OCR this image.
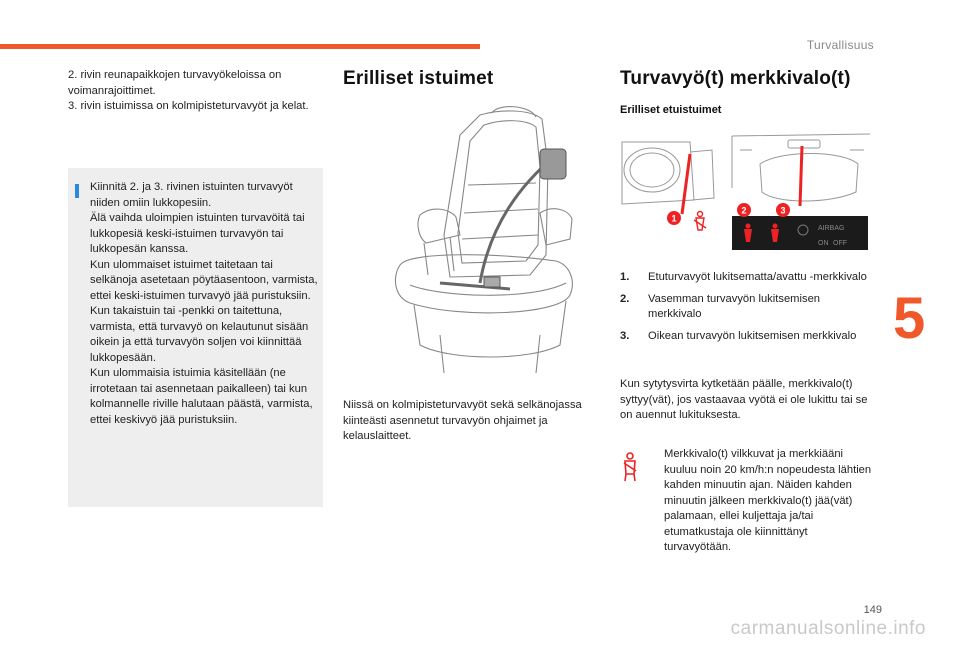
Turvallisuus
5
149
carmanualsonline.info

2. rivin reunapaikkojen turvavyökeloissa on voimanrajoittimet.

3. rivin istuimissa on kolmipisteturvavyöt ja kelat.

Kiinnitä 2. ja 3. rivinen istuinten turvavyöt niiden omiin lukkopesiin.

Älä vaihda uloimpien istuinten turvavöitä tai lukkopesiä keski-istuimen turvavyön tai lukkopesän kanssa.

Kun ulommaiset istuimet taitetaan tai selkänoja asetetaan pöytäasentoon, varmista, ettei keski-istuimen turvavyö jää puristuksiin.

Kun takaistuin tai -penkki on taitettuna, varmista, että turvavyö on kelautunut sisään oikein ja että turvavyön soljen voi kiinnittää lukkopesään.

Kun ulommaisia istuimia käsitellään (ne irrotetaan tai asennetaan paikalleen) tai kun kolmannelle riville halutaan päästä, varmista, ettei keskivyö jää puristuksiin.

Erilliset istuimet
Niissä on kolmipisteturvavyöt sekä selkänojassa kiinteästi asennetut turvavyön ohjaimet ja kelauslaitteet.
Turvavyö(t) merkkivalo(t)
Erilliset etuistuimet
AIRBAG
ON OFF
1
2	3
1.	Etuturvavyöt lukitsematta/avattu -merkkivalo
2.	Vasemman turvavyön lukitsemisen merkkivalo
3.	Oikean turvavyön lukitsemisen merkkivalo
Kun sytytysvirta kytketään päälle, merkkivalo(t) syttyy(vät), jos vastaavaa vyötä ei ole lukittu tai se on auennut lukituksesta.
Merkkivalo(t) vilkkuvat ja merkkiääni kuuluu noin 20 km/h:n nopeudesta lähtien kahden minuutin ajan. Näiden kahden minuutin jälkeen merkkivalo(t) jää(vät) palamaan, ellei kuljettaja ja/tai etumatkustaja ole kiinnittänyt turvavyötään.
